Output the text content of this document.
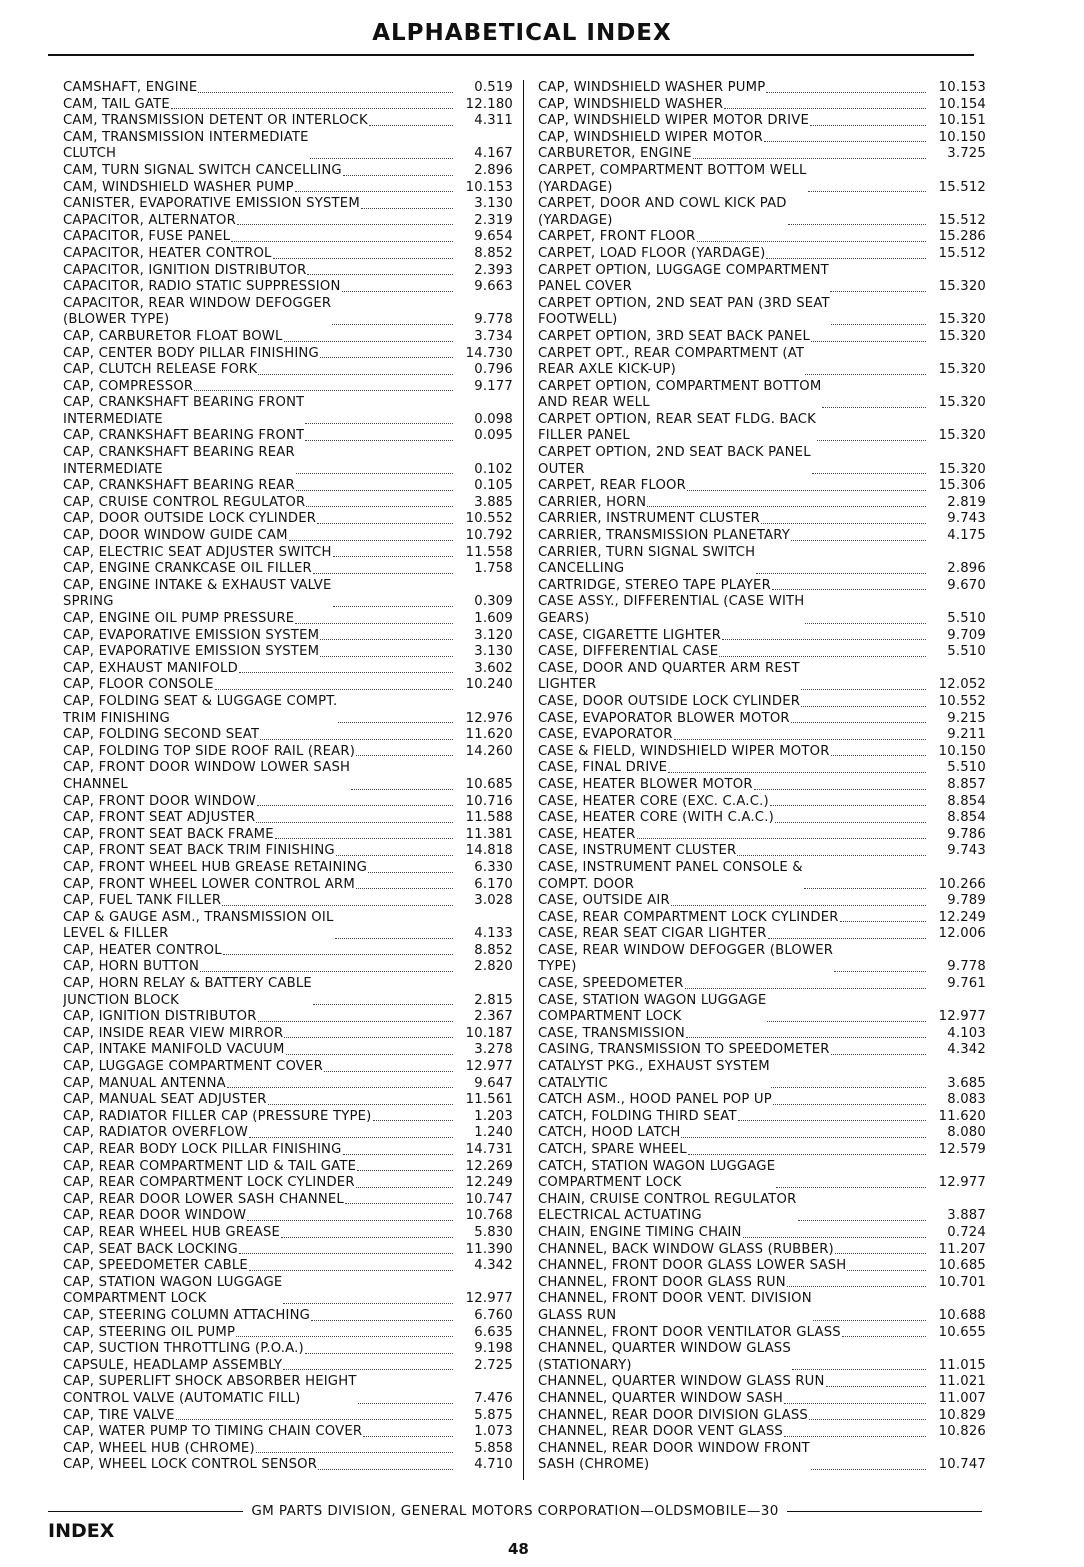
ALPHABETICAL INDEX
CAMSHAFT, ENGINE	0.519
CAM, TAIL GATE	12.180
CAM, TRANSMISSION DETENT OR INTERLOCK	4.311
CAM, TRANSMISSION INTERMEDIATE
CLUTCH	4.167
CAM, TURN SIGNAL SWITCH CANCELLING	2.896
CAM, WINDSHIELD WASHER PUMP	10.153
CANISTER, EVAPORATIVE EMISSION SYSTEM	3.130
CAPACITOR, ALTERNATOR	2.319
CAPACITOR, FUSE PANEL	9.654
CAPACITOR, HEATER CONTROL	8.852
CAPACITOR, IGNITION DISTRIBUTOR	2.393
CAPACITOR, RADIO STATIC SUPPRESSION	9.663
CAPACITOR, REAR WINDOW DEFOGGER
(BLOWER TYPE)	9.778
CAP, CARBURETOR FLOAT BOWL	3.734
CAP, CENTER BODY PILLAR FINISHING	14.730
CAP, CLUTCH RELEASE FORK	0.796
CAP, COMPRESSOR	9.177
CAP, CRANKSHAFT BEARING FRONT
INTERMEDIATE	0.098
CAP, CRANKSHAFT BEARING FRONT	0.095
CAP, CRANKSHAFT BEARING REAR
INTERMEDIATE	0.102
CAP, CRANKSHAFT BEARING REAR	0.105
CAP, CRUISE CONTROL REGULATOR	3.885
CAP, DOOR OUTSIDE LOCK CYLINDER	10.552
CAP, DOOR WINDOW GUIDE CAM	10.792
CAP, ELECTRIC SEAT ADJUSTER SWITCH	11.558
CAP, ENGINE CRANKCASE OIL FILLER	1.758
CAP, ENGINE INTAKE & EXHAUST VALVE
SPRING	0.309
CAP, ENGINE OIL PUMP PRESSURE	1.609
CAP, EVAPORATIVE EMISSION SYSTEM	3.120
CAP, EVAPORATIVE EMISSION SYSTEM	3.130
CAP, EXHAUST MANIFOLD	3.602
CAP, FLOOR CONSOLE	10.240
CAP, FOLDING SEAT & LUGGAGE COMPT.
TRIM FINISHING	12.976
CAP, FOLDING SECOND SEAT	11.620
CAP, FOLDING TOP SIDE ROOF RAIL (REAR)	14.260
CAP, FRONT DOOR WINDOW LOWER SASH
CHANNEL	10.685
CAP, FRONT DOOR WINDOW	10.716
CAP, FRONT SEAT ADJUSTER	11.588
CAP, FRONT SEAT BACK FRAME	11.381
CAP, FRONT SEAT BACK TRIM FINISHING	14.818
CAP, FRONT WHEEL HUB GREASE RETAINING	6.330
CAP, FRONT WHEEL LOWER CONTROL ARM	6.170
CAP, FUEL TANK FILLER	3.028
CAP & GAUGE ASM., TRANSMISSION OIL
LEVEL & FILLER	4.133
CAP, HEATER CONTROL	8.852
CAP, HORN BUTTON	2.820
CAP, HORN RELAY & BATTERY CABLE
JUNCTION BLOCK	2.815
CAP, IGNITION DISTRIBUTOR	2.367
CAP, INSIDE REAR VIEW MIRROR	10.187
CAP, INTAKE MANIFOLD VACUUM	3.278
CAP, LUGGAGE COMPARTMENT COVER	12.977
CAP, MANUAL ANTENNA	9.647
CAP, MANUAL SEAT ADJUSTER	11.561
CAP, RADIATOR FILLER CAP (PRESSURE TYPE)	1.203
CAP, RADIATOR OVERFLOW	1.240
CAP, REAR BODY LOCK PILLAR FINISHING	14.731
CAP, REAR COMPARTMENT LID & TAIL GATE	12.269
CAP, REAR COMPARTMENT LOCK CYLINDER	12.249
CAP, REAR DOOR LOWER SASH CHANNEL	10.747
CAP, REAR DOOR WINDOW	10.768
CAP, REAR WHEEL HUB GREASE	5.830
CAP, SEAT BACK LOCKING	11.390
CAP, SPEEDOMETER CABLE	4.342
CAP, STATION WAGON LUGGAGE
COMPARTMENT LOCK	12.977
CAP, STEERING COLUMN ATTACHING	6.760
CAP, STEERING OIL PUMP	6.635
CAP, SUCTION THROTTLING (P.O.A.)	9.198
CAPSULE, HEADLAMP ASSEMBLY	2.725
CAP, SUPERLIFT SHOCK ABSORBER HEIGHT
CONTROL VALVE (AUTOMATIC FILL)	7.476
CAP, TIRE VALVE	5.875
CAP, WATER PUMP TO TIMING CHAIN COVER	1.073
CAP, WHEEL HUB (CHROME)	5.858
CAP, WHEEL LOCK CONTROL SENSOR	4.710
CAP, WINDSHIELD WASHER PUMP	10.153
CAP, WINDSHIELD WASHER	10.154
CAP, WINDSHIELD WIPER MOTOR DRIVE	10.151
CAP, WINDSHIELD WIPER MOTOR	10.150
CARBURETOR, ENGINE	3.725
CARPET, COMPARTMENT BOTTOM WELL
(YARDAGE)	15.512
CARPET, DOOR AND COWL KICK PAD
(YARDAGE)	15.512
CARPET, FRONT FLOOR	15.286
CARPET, LOAD FLOOR (YARDAGE)	15.512
CARPET OPTION, LUGGAGE COMPARTMENT
PANEL COVER	15.320
CARPET OPTION, 2ND SEAT PAN (3RD SEAT
FOOTWELL)	15.320
CARPET OPTION, 3RD SEAT BACK PANEL	15.320
CARPET OPT., REAR COMPARTMENT (AT
REAR AXLE KICK-UP)	15.320
CARPET OPTION, COMPARTMENT BOTTOM
AND REAR WELL	15.320
CARPET OPTION, REAR SEAT FLDG. BACK
FILLER PANEL	15.320
CARPET OPTION, 2ND SEAT BACK PANEL
OUTER	15.320
CARPET, REAR FLOOR	15.306
CARRIER, HORN	2.819
CARRIER, INSTRUMENT CLUSTER	9.743
CARRIER, TRANSMISSION PLANETARY	4.175
CARRIER, TURN SIGNAL SWITCH
CANCELLING	2.896
CARTRIDGE, STEREO TAPE PLAYER	9.670
CASE ASSY., DIFFERENTIAL (CASE WITH
GEARS)	5.510
CASE, CIGARETTE LIGHTER	9.709
CASE, DIFFERENTIAL CASE	5.510
CASE, DOOR AND QUARTER ARM REST
LIGHTER	12.052
CASE, DOOR OUTSIDE LOCK CYLINDER	10.552
CASE, EVAPORATOR BLOWER MOTOR	9.215
CASE, EVAPORATOR	9.211
CASE & FIELD, WINDSHIELD WIPER MOTOR	10.150
CASE, FINAL DRIVE	5.510
CASE, HEATER BLOWER MOTOR	8.857
CASE, HEATER CORE (EXC. C.A.C.)	8.854
CASE, HEATER CORE (WITH C.A.C.)	8.854
CASE, HEATER	9.786
CASE, INSTRUMENT CLUSTER	9.743
CASE, INSTRUMENT PANEL CONSOLE &
COMPT. DOOR	10.266
CASE, OUTSIDE AIR	9.789
CASE, REAR COMPARTMENT LOCK CYLINDER	12.249
CASE, REAR SEAT CIGAR LIGHTER	12.006
CASE, REAR WINDOW DEFOGGER (BLOWER
TYPE)	9.778
CASE, SPEEDOMETER	9.761
CASE, STATION WAGON LUGGAGE
COMPARTMENT LOCK	12.977
CASE, TRANSMISSION	4.103
CASING, TRANSMISSION TO SPEEDOMETER	4.342
CATALYST PKG., EXHAUST SYSTEM
CATALYTIC	3.685
CATCH ASM., HOOD PANEL POP UP	8.083
CATCH, FOLDING THIRD SEAT	11.620
CATCH, HOOD LATCH	8.080
CATCH, SPARE WHEEL	12.579
CATCH, STATION WAGON LUGGAGE
COMPARTMENT LOCK	12.977
CHAIN, CRUISE CONTROL REGULATOR
ELECTRICAL ACTUATING	3.887
CHAIN, ENGINE TIMING CHAIN	0.724
CHANNEL, BACK WINDOW GLASS (RUBBER)	11.207
CHANNEL, FRONT DOOR GLASS LOWER SASH	10.685
CHANNEL, FRONT DOOR GLASS RUN	10.701
CHANNEL, FRONT DOOR VENT. DIVISION
GLASS RUN	10.688
CHANNEL, FRONT DOOR VENTILATOR GLASS	10.655
CHANNEL, QUARTER WINDOW GLASS
(STATIONARY)	11.015
CHANNEL, QUARTER WINDOW GLASS RUN	11.021
CHANNEL, QUARTER WINDOW SASH	11.007
CHANNEL, REAR DOOR DIVISION GLASS	10.829
CHANNEL, REAR DOOR VENT GLASS	10.826
CHANNEL, REAR DOOR WINDOW FRONT
SASH (CHROME)	10.747
GM PARTS DIVISION, GENERAL MOTORS CORPORATION—OLDSMOBILE—30
INDEX
48
